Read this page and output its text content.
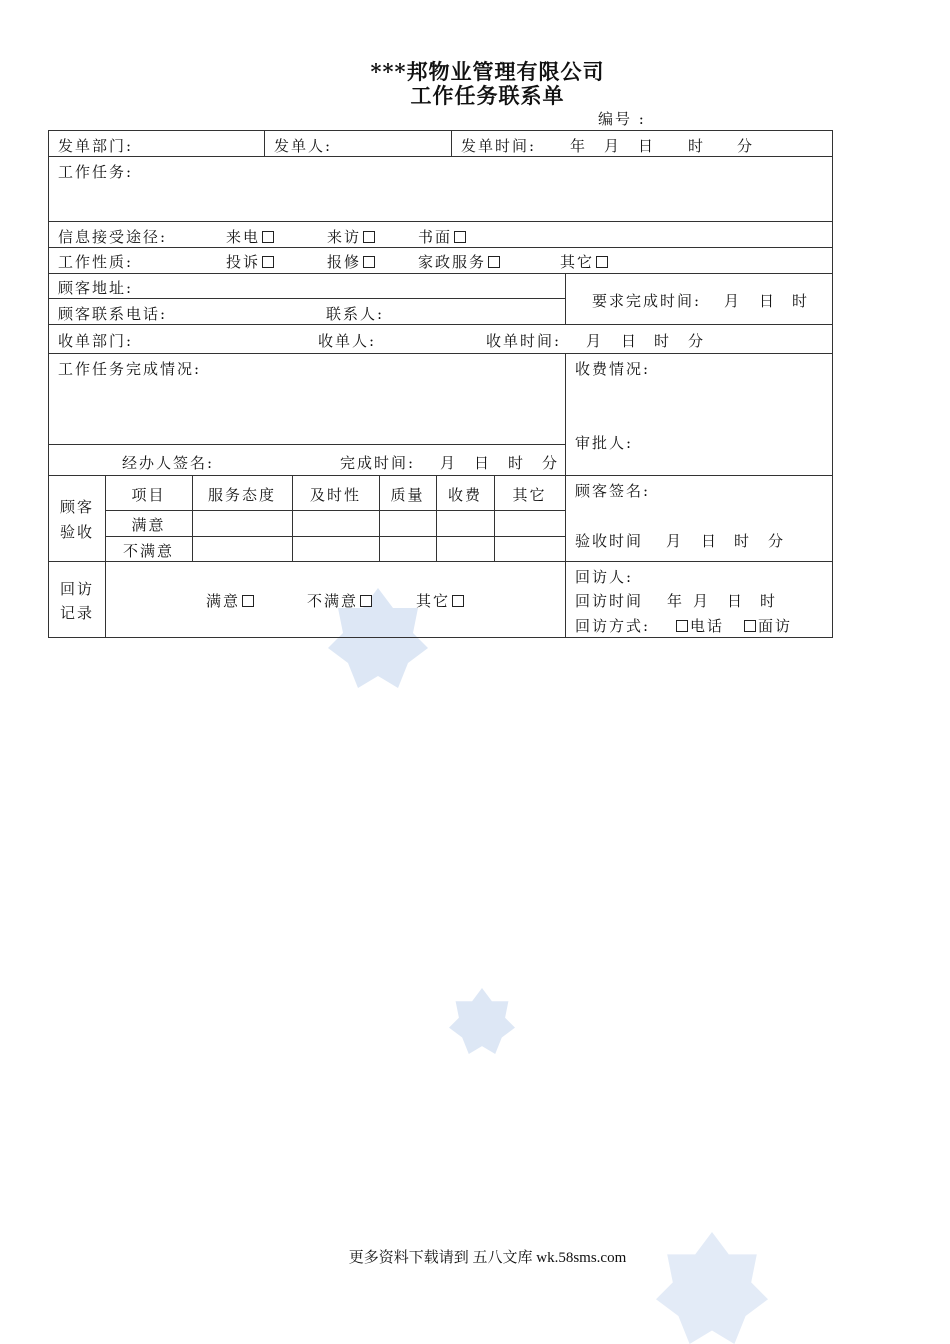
***邦物业管理有限公司
工作任务联系单
编号 :
发单部门:	发单人:	发单时间: 年 月 日 时 分
工作任务:
信息接受途径:	来电	来访	书面
工作性质:	投诉	报修	家政服务	其它
顾客地址:
顾客联系电话:	联系人:
要求完成时间: 月 日 时
收单部门:	收单人:	收单时间: 月 日 时 分
工作任务完成情况:	收费情况:
审批人:
经办人签名:	完成时间: 月 日 时 分
顾客
验收
项目	服务态度	及时性	质量	收费	其它
满意
不满意
顾客签名:
验收时间 月 日 时 分
回访
记录
满意	不满意	其它
回访人:
回访时间 年 月 日 时
回访方式:	电话	面访
更多资料下载请到 五八文库 wk.58sms.com
